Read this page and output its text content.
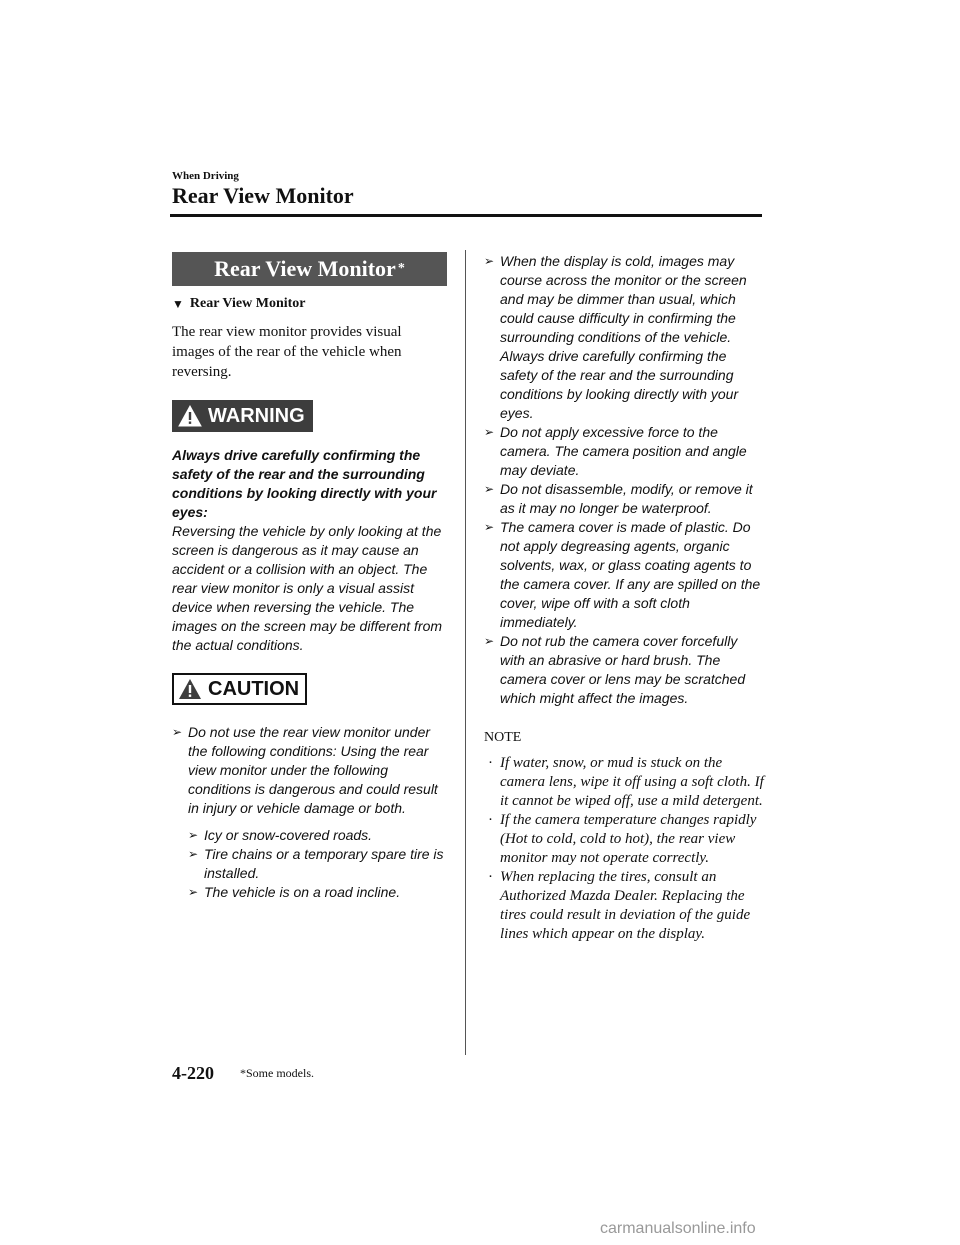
When Driving
Rear View Monitor
Rear View Monitor *
▼ Rear View Monitor
The rear view monitor provides visual images of the rear of the vehicle when reversing.
WARNING
Always drive carefully confirming the safety of the rear and the surrounding conditions by looking directly with your eyes:
Reversing the vehicle by only looking at the screen is dangerous as it may cause an accident or a collision with an object. The rear view monitor is only a visual assist device when reversing the vehicle. The images on the screen may be different from the actual conditions.
CAUTION
➢ Do not use the rear view monitor under the following conditions: Using the rear view monitor under the following conditions is dangerous and could result in injury or vehicle damage or both.
➢ Icy or snow-covered roads.
➢ Tire chains or a temporary spare tire is installed.
➢ The vehicle is on a road incline.
➢ When the display is cold, images may course across the monitor or the screen and may be dimmer than usual, which could cause difficulty in confirming the surrounding conditions of the vehicle. Always drive carefully confirming the safety of the rear and the surrounding conditions by looking directly with your eyes.
➢ Do not apply excessive force to the camera. The camera position and angle may deviate.
➢ Do not disassemble, modify, or remove it as it may no longer be waterproof.
➢ The camera cover is made of plastic. Do not apply degreasing agents, organic solvents, wax, or glass coating agents to the camera cover. If any are spilled on the cover, wipe off with a soft cloth immediately.
➢ Do not rub the camera cover forcefully with an abrasive or hard brush. The camera cover or lens may be scratched which might affect the images.
NOTE
· If water, snow, or mud is stuck on the camera lens, wipe it off using a soft cloth. If it cannot be wiped off, use a mild detergent.
· If the camera temperature changes rapidly (Hot to cold, cold to hot), the rear view monitor may not operate correctly.
· When replacing the tires, consult an Authorized Mazda Dealer. Replacing the tires could result in deviation of the guide lines which appear on the display.
4-220 *Some models.
carmanualsonline.info
